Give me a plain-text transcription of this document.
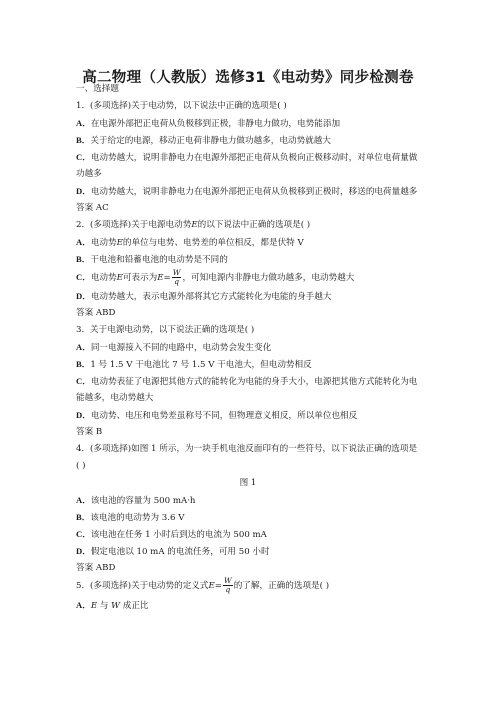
高二物理（人教版）选修31《电动势》同步检测卷
一、选择题
1．(多项选择)关于电动势，以下说法中正确的选项是( )
A．在电源外部把正电荷从负极移到正极，非静电力做功，电势能添加
B．关于给定的电源，移动正电荷非静电力做功越多，电动势就越大
C．电动势越大，说明非静电力在电源外部把正电荷从负极向正极移动时，对单位电荷量做
功越多
D．电动势越大，说明非静电力在电源外部把正电荷从负极移到正极时，移送的电荷量越多
答案 AC
2．(多项选择)关于电源电动势E的以下说法中正确的选项是( )
A．电动势E的单位与电势、电势差的单位相反，都是伏特 V
B．干电池和铅蓄电池的电动势是不同的
C．电动势E可表示为$E= \frac{W}{q}$ ，可知电源内非静电力做功越多，电动势越大
D．电动势越大，表示电源外部将其它方式能转化为电能的身手越大
答案 ABD
3．关于电源电动势，以下说法正确的选项是( )
A．同一电源接入不同的电路中，电动势会发生变化
B．1 号 1.5 V 干电池比 7 号 1.5 V 干电池大，但电动势相反
C．电动势表征了电源把其他方式的能转化为电能的身手大小，电源把其他方式能转化为电
能越多，电动势越大
D．电动势、电压和电势差虽称号不同，但物理意义相反，所以单位也相反
答案 B
4．(多项选择)如图 1 所示，为一块手机电池反面印有的一些符号，以下说法正确的选项是
( )
图 1
A．该电池的容量为 500 mA·h
B．该电池的电动势为 3.6 V
C．该电池在任务 1 小时后到达的电流为 500 mA
D．假定电池以 10 mA 的电流任务，可用 50 小时
答案 ABD
5．(多项选择)关于电动势的定义式$E= \frac{W}{q}$ 的了解，正确的选项是( )
A．E 与 W 成正比
